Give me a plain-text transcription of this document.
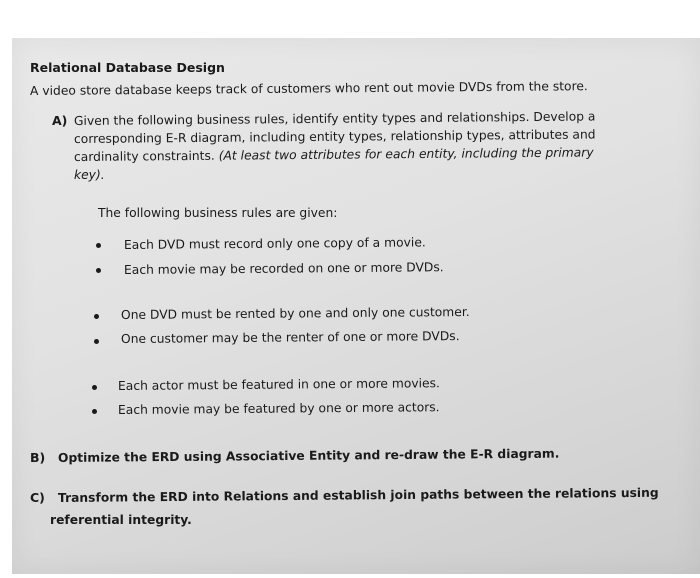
Relational Database Design
A video store database keeps track of customers who rent out movie DVDs from the store.
A) Given the following business rules, identify entity types and relationships. Develop a
corresponding E-R diagram, including entity types, relationship types, attributes and
cardinality constraints. (At least two attributes for each entity, including the primary
key).
The following business rules are given:
Each DVD must record only one copy of a movie.
Each movie may be recorded on one or more DVDs.
One DVD must be rented by one and only one customer.
One customer may be the renter of one or more DVDs.
Each actor must be featured in one or more movies.
Each movie may be featured by one or more actors.
B) Optimize the ERD using Associative Entity and re-draw the E-R diagram.
C) Transform the ERD into Relations and establish join paths between the relations using
referential integrity.
